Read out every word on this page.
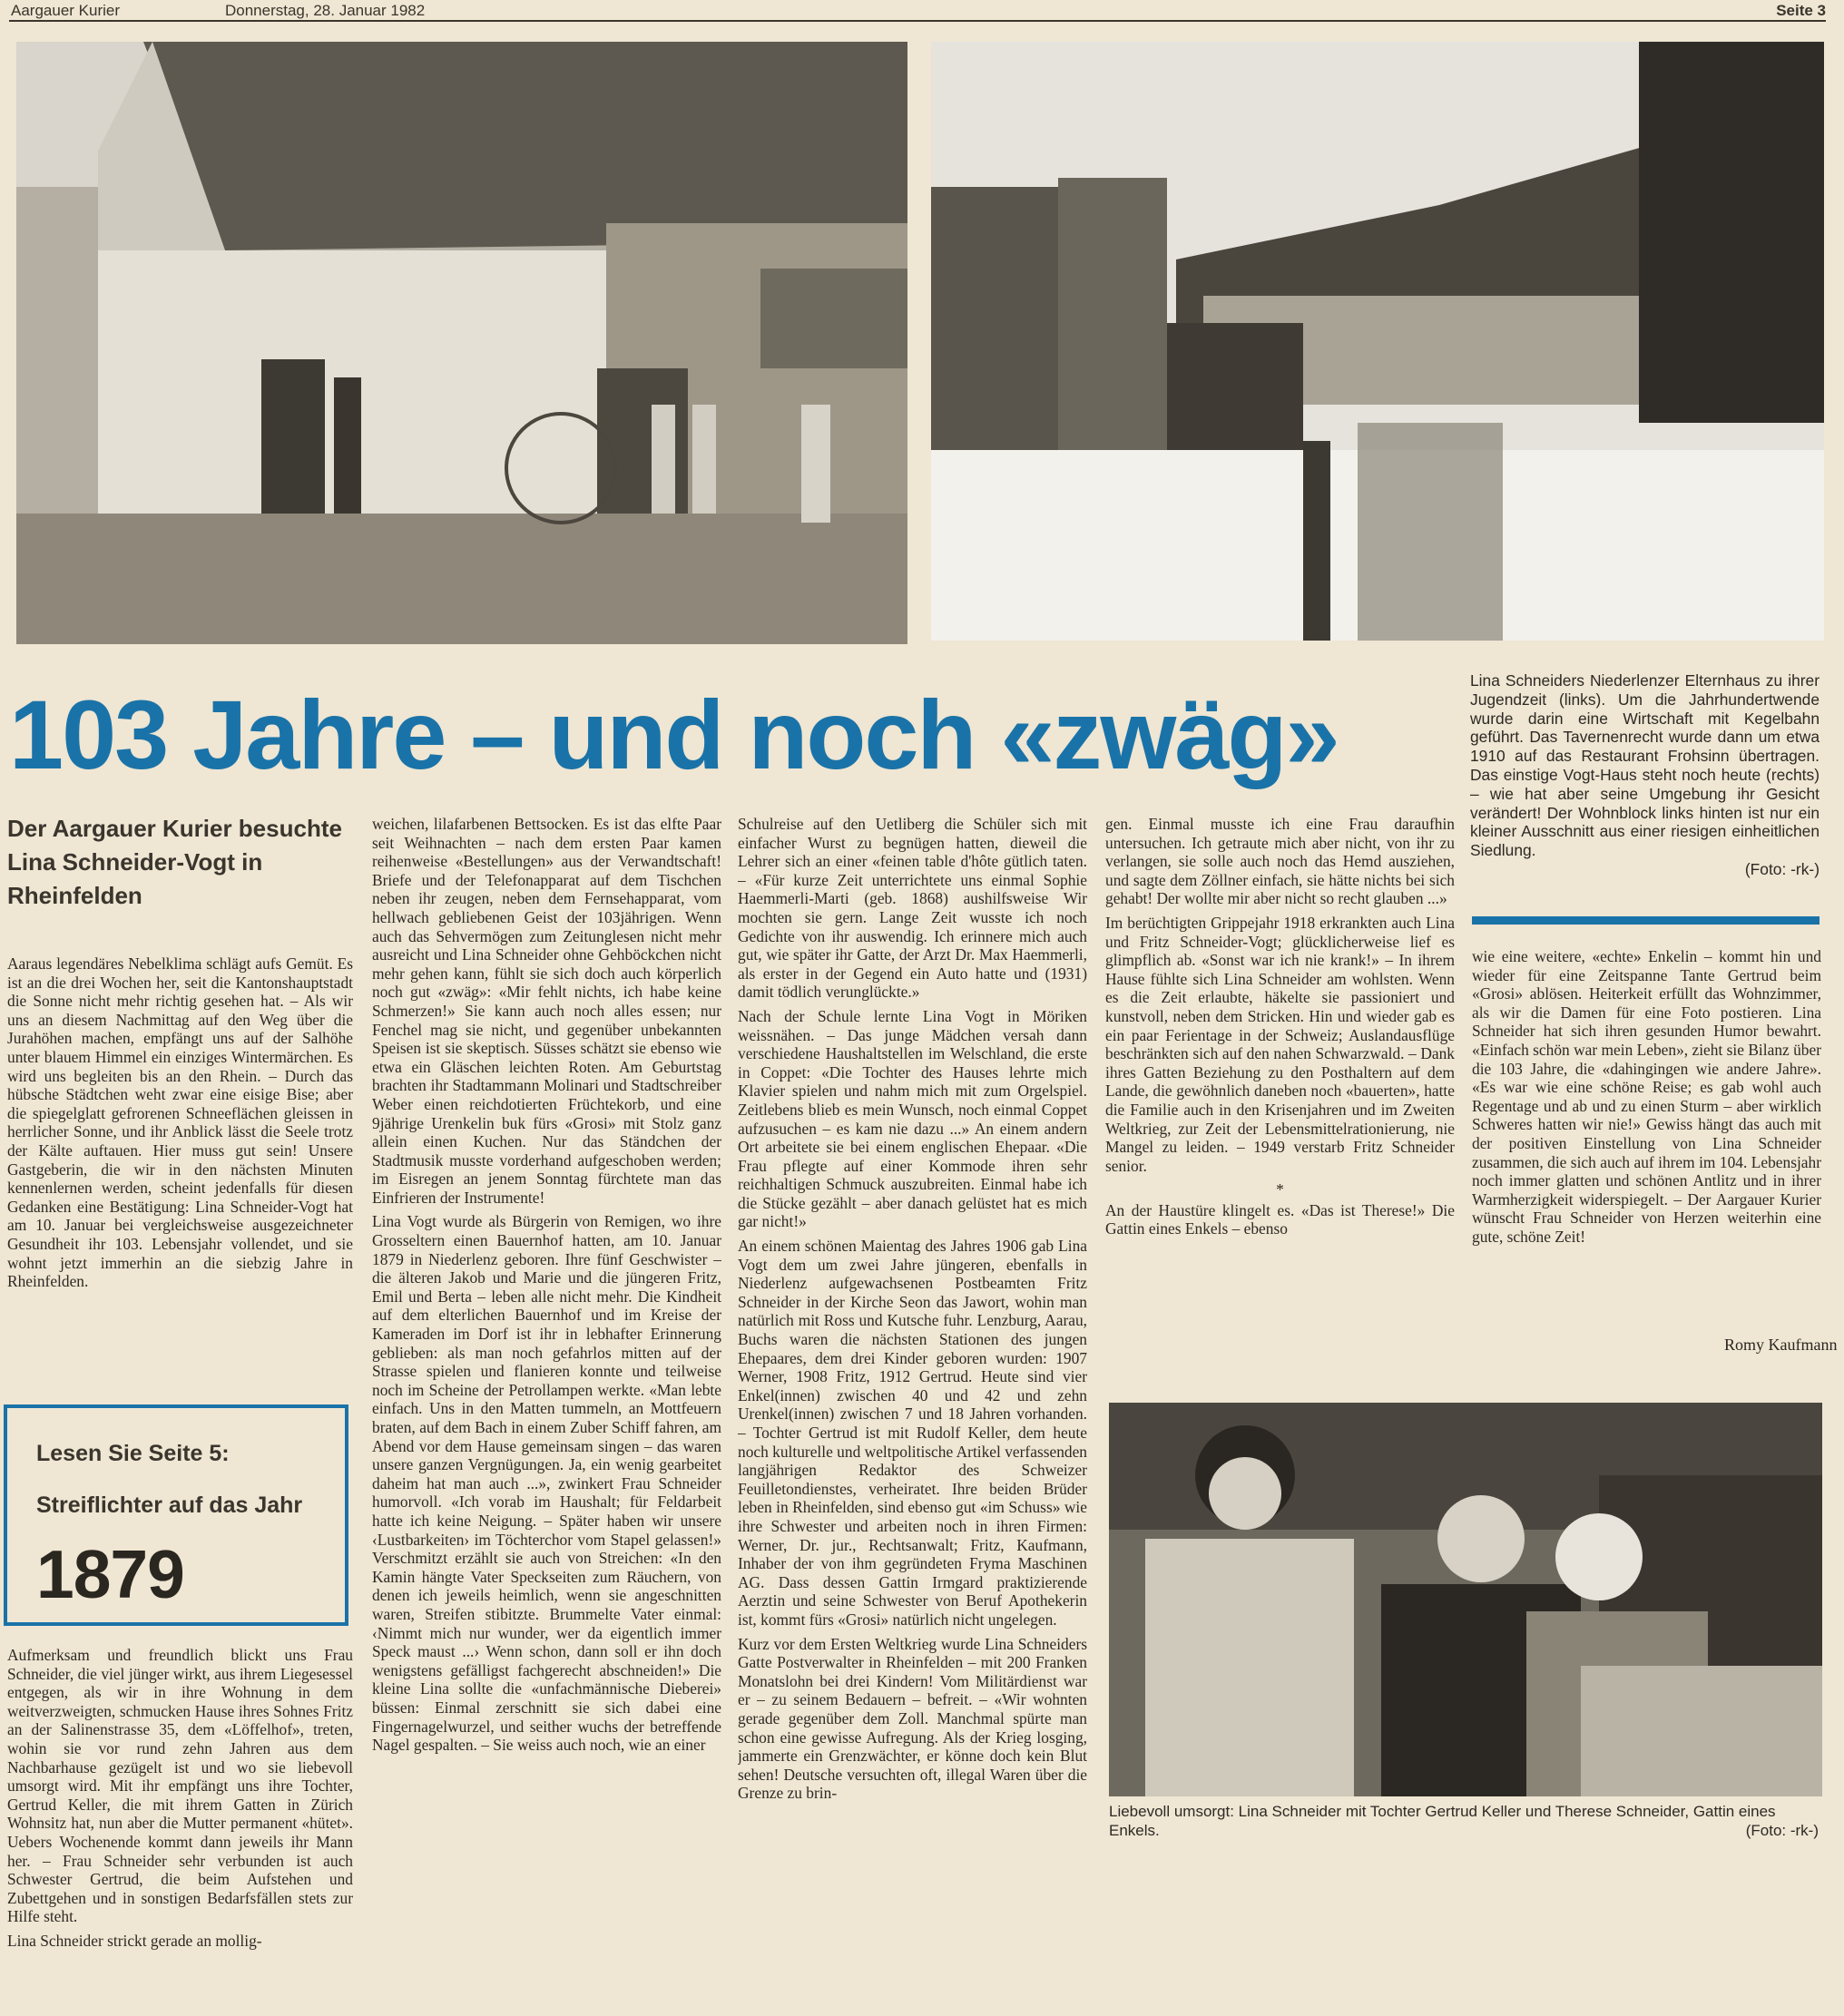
Aargauer Kurier	Donnerstag, 28. Januar 1982	Seite 3
103 Jahre – und noch «zwäg»
Der Aargauer Kurier besuchte Lina Schneider-Vogt in Rheinfelden

Aaraus legendäres Nebelklima schlägt aufs Gemüt. Es ist an die drei Wochen her, seit die Kantonshauptstadt die Sonne nicht mehr richtig gesehen hat. – Als wir uns an diesem Nachmittag auf den Weg über die Jurahöhen machen, empfängt uns auf der Salhöhe unter blauem Himmel ein einziges Wintermärchen. Es wird uns begleiten bis an den Rhein. – Durch das hübsche Städtchen weht zwar eine eisige Bise; aber die spiegelglatt gefrorenen Schneeflächen gleissen in herrlicher Sonne, und ihr Anblick lässt die Seele trotz der Kälte auftauen. Hier muss gut sein! Unsere Gastgeberin, die wir in den nächsten Minuten kennenlernen werden, scheint jedenfalls für diesen Gedanken eine Bestätigung: Lina Schneider-Vogt hat am 10. Januar bei vergleichsweise ausgezeichneter Gesundheit ihr 103. Lebensjahr vollendet, und sie wohnt jetzt immerhin an die siebzig Jahre in Rheinfelden.

Lesen Sie Seite 5:
Streiflichter auf das Jahr
1879

Aufmerksam und freundlich blickt uns Frau Schneider, die viel jünger wirkt, aus ihrem Liegesessel entgegen, als wir in ihre Wohnung in dem weitverzweigten, schmucken Hause ihres Sohnes Fritz an der Salinenstrasse 35, dem «Löffelhof», treten, wohin sie vor rund zehn Jahren aus dem Nachbarhause gezügelt ist und wo sie liebevoll umsorgt wird. Mit ihr empfängt uns ihre Tochter, Gertrud Keller, die mit ihrem Gatten in Zürich Wohnsitz hat, nun aber die Mutter permanent «hütet». Uebers Wochenende kommt dann jeweils ihr Mann her. – Frau Schneider sehr verbunden ist auch Schwester Gertrud, die beim Aufstehen und Zubettgehen und in sonstigen Bedarfsfällen stets zur Hilfe steht.

Lina Schneider strickt gerade an mollig-

weichen, lilafarbenen Bettsocken. Es ist das elfte Paar seit Weihnachten – nach dem ersten Paar kamen reihenweise «Bestellungen» aus der Verwandtschaft! Briefe und der Telefonapparat auf dem Tischchen neben ihr zeugen, neben dem Fernsehapparat, vom hellwach gebliebenen Geist der 103jährigen. Wenn auch das Sehvermögen zum Zeitunglesen nicht mehr ausreicht und Lina Schneider ohne Gehböckchen nicht mehr gehen kann, fühlt sie sich doch auch körperlich noch gut «zwäg»: «Mir fehlt nichts, ich habe keine Schmerzen!» Sie kann auch noch alles essen; nur Fenchel mag sie nicht, und gegenüber unbekannten Speisen ist sie skeptisch. Süsses schätzt sie ebenso wie etwa ein Gläschen leichten Roten. Am Geburtstag brachten ihr Stadtammann Molinari und Stadtschreiber Weber einen reichdotierten Früchtekorb, und eine 9jährige Urenkelin buk fürs «Grosi» mit Stolz ganz allein einen Kuchen. Nur das Ständchen der Stadtmusik musste vorderhand aufgeschoben werden; im Eisregen an jenem Sonntag fürchtete man das Einfrieren der Instrumente!

Lina Vogt wurde als Bürgerin von Remigen, wo ihre Grosseltern einen Bauernhof hatten, am 10. Januar 1879 in Niederlenz geboren. Ihre fünf Geschwister – die älteren Jakob und Marie und die jüngeren Fritz, Emil und Berta – leben alle nicht mehr. Die Kindheit auf dem elterlichen Bauernhof und im Kreise der Kameraden im Dorf ist ihr in lebhafter Erinnerung geblieben: als man noch gefahrlos mitten auf der Strasse spielen und flanieren konnte und teilweise noch im Scheine der Petrollampen werkte. «Man lebte einfach. Uns in den Matten tummeln, an Mottfeuern braten, auf dem Bach in einem Zuber Schiff fahren, am Abend vor dem Hause gemeinsam singen – das waren unsere ganzen Vergnügungen. Ja, ein wenig gearbeitet daheim hat man auch ...», zwinkert Frau Schneider humorvoll. «Ich vorab im Haushalt; für Feldarbeit hatte ich keine Neigung. – Später haben wir unsere ‹Lustbarkeiten› im Töchterchor vom Stapel gelassen!» Verschmitzt erzählt sie auch von Streichen: «In den Kamin hängte Vater Speckseiten zum Räuchern, von denen ich jeweils heimlich, wenn sie angeschnitten waren, Streifen stibitzte. Brummelte Vater einmal: ‹Nimmt mich nur wunder, wer da eigentlich immer Speck maust ...› Wenn schon, dann soll er ihn doch wenigstens gefälligst fachgerecht abschneiden!» Die kleine Lina sollte die «unfachmännische Dieberei» büssen: Einmal zerschnitt sie sich dabei eine Fingernagelwurzel, und seither wuchs der betreffende Nagel gespalten. – Sie weiss auch noch, wie an einer

Schulreise auf den Uetliberg die Schüler sich mit einfacher Wurst zu begnügen hatten, dieweil die Lehrer sich an einer «feinen table d'hôte gütlich taten. – «Für kurze Zeit unterrichtete uns einmal Sophie Haemmerli-Marti (geb. 1868) aushilfsweise Wir mochten sie gern. Lange Zeit wusste ich noch Gedichte von ihr auswendig. Ich erinnere mich auch gut, wie später ihr Gatte, der Arzt Dr. Max Haemmerli, als erster in der Gegend ein Auto hatte und (1931) damit tödlich verunglückte.»

Nach der Schule lernte Lina Vogt in Möriken weissnähen. – Das junge Mädchen versah dann verschiedene Haushaltstellen im Welschland, die erste in Coppet: «Die Tochter des Hauses lehrte mich Klavier spielen und nahm mich mit zum Orgelspiel. Zeitlebens blieb es mein Wunsch, noch einmal Coppet aufzusuchen – es kam nie dazu ...» An einem andern Ort arbeitete sie bei einem englischen Ehepaar. «Die Frau pflegte auf einer Kommode ihren sehr reichhaltigen Schmuck auszubreiten. Einmal habe ich die Stücke gezählt – aber danach gelüstet hat es mich gar nicht!»

An einem schönen Maientag des Jahres 1906 gab Lina Vogt dem um zwei Jahre jüngeren, ebenfalls in Niederlenz aufgewachsenen Postbeamten Fritz Schneider in der Kirche Seon das Jawort, wohin man natürlich mit Ross und Kutsche fuhr. Lenzburg, Aarau, Buchs waren die nächsten Stationen des jungen Ehepaares, dem drei Kinder geboren wurden: 1907 Werner, 1908 Fritz, 1912 Gertrud. Heute sind vier Enkel(innen) zwischen 40 und 42 und zehn Urenkel(innen) zwischen 7 und 18 Jahren vorhanden. – Tochter Gertrud ist mit Rudolf Keller, dem heute noch kulturelle und weltpolitische Artikel verfassenden langjährigen Redaktor des Schweizer Feuilletondienstes, verheiratet. Ihre beiden Brüder leben in Rheinfelden, sind ebenso gut «im Schuss» wie ihre Schwester und arbeiten noch in ihren Firmen: Werner, Dr. jur., Rechtsanwalt; Fritz, Kaufmann, Inhaber der von ihm gegründeten Fryma Maschinen AG. Dass dessen Gattin Irmgard praktizierende Aerztin und seine Schwester von Beruf Apothekerin ist, kommt fürs «Grosi» natürlich nicht ungelegen.

Kurz vor dem Ersten Weltkrieg wurde Lina Schneiders Gatte Postverwalter in Rheinfelden – mit 200 Franken Monatslohn bei drei Kindern! Vom Militärdienst war er – zu seinem Bedauern – befreit. – «Wir wohnten gerade gegenüber dem Zoll. Manchmal spürte man schon eine gewisse Aufregung. Als der Krieg losging, jammerte ein Grenzwächter, er könne doch kein Blut sehen! Deutsche versuchten oft, illegal Waren über die Grenze zu brin-

gen. Einmal musste ich eine Frau daraufhin untersuchen. Ich getraute mich aber nicht, von ihr zu verlangen, sie solle auch noch das Hemd ausziehen, und sagte dem Zöllner einfach, sie hätte nichts bei sich gehabt! Der wollte mir aber nicht so recht glauben ...»

Im berüchtigten Grippejahr 1918 erkrankten auch Lina und Fritz Schneider-Vogt; glücklicherweise lief es glimpflich ab. «Sonst war ich nie krank!» – In ihrem Hause fühlte sich Lina Schneider am wohlsten. Wenn es die Zeit erlaubte, häkelte sie passioniert und kunstvoll, neben dem Stricken. Hin und wieder gab es ein paar Ferientage in der Schweiz; Auslandausflüge beschränkten sich auf den nahen Schwarzwald. – Dank ihres Gatten Beziehung zu den Posthaltern auf dem Lande, die gewöhnlich daneben noch «bauerten», hatte die Familie auch in den Krisenjahren und im Zweiten Weltkrieg, zur Zeit der Lebensmittelrationierung, nie Mangel zu leiden. – 1949 verstarb Fritz Schneider senior.

*

An der Haustüre klingelt es. «Das ist Therese!» Die Gattin eines Enkels – ebenso

wie eine weitere, «echte» Enkelin – kommt hin und wieder für eine Zeitspanne Tante Gertrud beim «Grosi» ablösen. Heiterkeit erfüllt das Wohnzimmer, als wir die Damen für eine Foto postieren. Lina Schneider hat sich ihren gesunden Humor bewahrt. «Einfach schön war mein Leben», zieht sie Bilanz über die 103 Jahre, die «dahingingen wie andere Jahre». «Es war wie eine schöne Reise; es gab wohl auch Regentage und ab und zu einen Sturm – aber wirklich Schweres hatten wir nie!» Gewiss hängt das auch mit der positiven Einstellung von Lina Schneider zusammen, die sich auch auf ihrem im 104. Lebensjahr noch immer glatten und schönen Antlitz und in ihrer Warmherzigkeit widerspiegelt. – Der Aargauer Kurier wünscht Frau Schneider von Herzen weiterhin eine gute, schöne Zeit!

Romy Kaufmann
Lina Schneiders Niederlenzer Elternhaus zu ihrer Jugendzeit (links). Um die Jahrhundertwende wurde darin eine Wirtschaft mit Kegelbahn geführt. Das Tavernenrecht wurde dann um etwa 1910 auf das Restaurant Frohsinn übertragen. Das einstige Vogt-Haus steht noch heute (rechts) – wie hat aber seine Umgebung ihr Gesicht verändert! Der Wohnblock links hinten ist nur ein kleiner Ausschnitt aus einer riesigen einheitlichen Siedlung.
(Foto: -rk-)
Liebevoll umsorgt: Lina Schneider mit Tochter Gertrud Keller und Therese Schneider, Gattin eines Enkels.	(Foto: -rk-)
